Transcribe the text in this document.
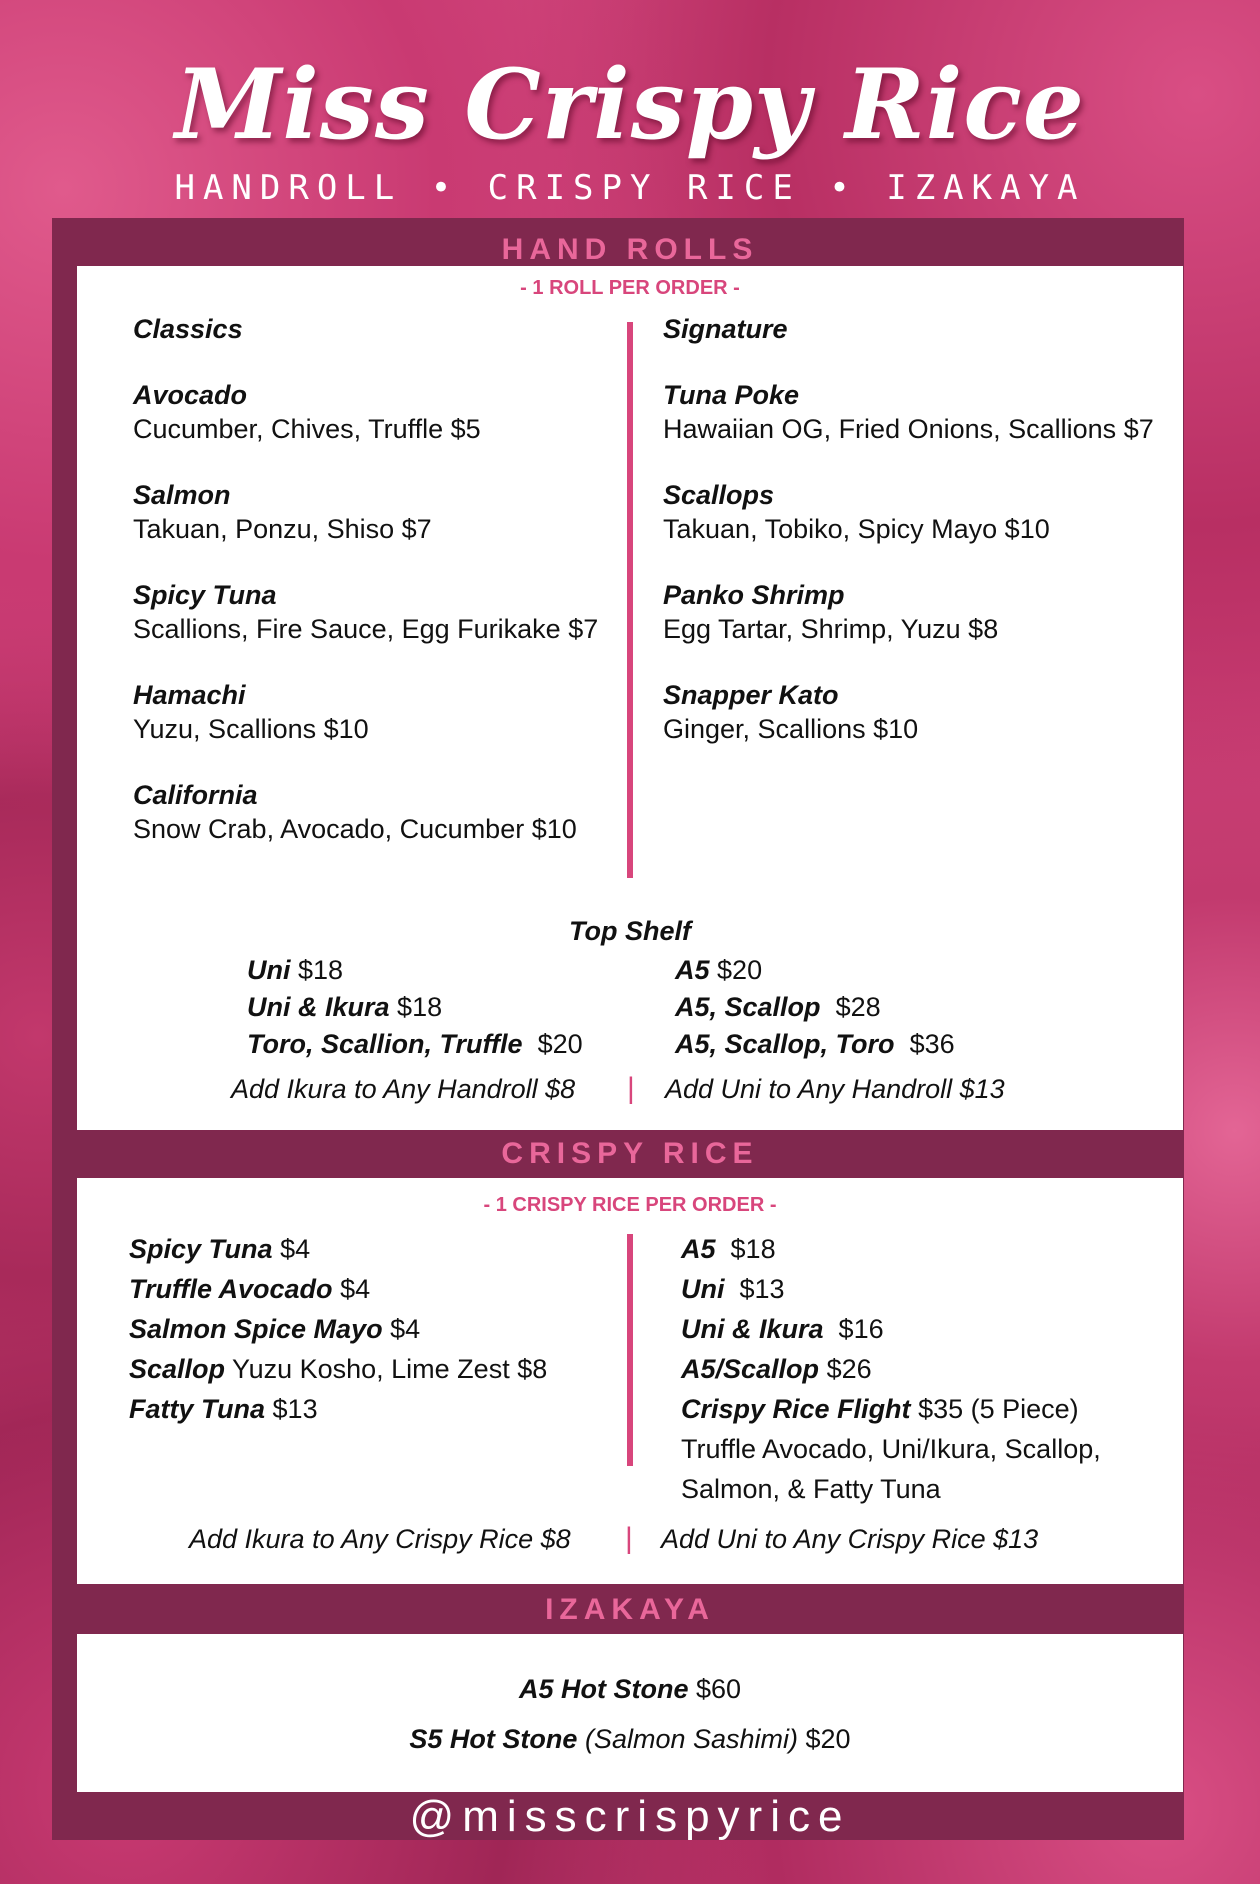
Miss Crispy Rice
HANDROLL • CRISPY RICE • IZAKAYA
HAND ROLLS
- 1 ROLL PER ORDER -
Classics
Avocado
Cucumber, Chives, Truffle $5
Salmon
Takuan, Ponzu, Shiso $7
Spicy Tuna
Scallions, Fire Sauce, Egg Furikake $7
Hamachi
Yuzu, Scallions $10
California
Snow Crab, Avocado, Cucumber $10
Signature
Tuna Poke
Hawaiian OG, Fried Onions, Scallions $7
Scallops
Takuan, Tobiko, Spicy Mayo $10
Panko Shrimp
Egg Tartar, Shrimp, Yuzu $8
Snapper Kato
Ginger, Scallions $10
Top Shelf
Uni $18
Uni & Ikura $18
Toro, Scallion, Truffle $20
A5 $20
A5, Scallop $28
A5, Scallop, Toro $36
Add Ikura to Any Handroll $8 | Add Uni to Any Handroll $13
CRISPY RICE
- 1 CRISPY RICE PER ORDER -
Spicy Tuna $4
Truffle Avocado $4
Salmon Spice Mayo $4
Scallop Yuzu Kosho, Lime Zest $8
Fatty Tuna $13
A5 $18
Uni $13
Uni & Ikura $16
A5/Scallop $26
Crispy Rice Flight $35 (5 Piece)
Truffle Avocado, Uni/Ikura, Scallop,
Salmon, & Fatty Tuna
Add Ikura to Any Crispy Rice $8 | Add Uni to Any Crispy Rice $13
IZAKAYA
A5 Hot Stone $60
S5 Hot Stone (Salmon Sashimi) $20
@misscrispyrice
